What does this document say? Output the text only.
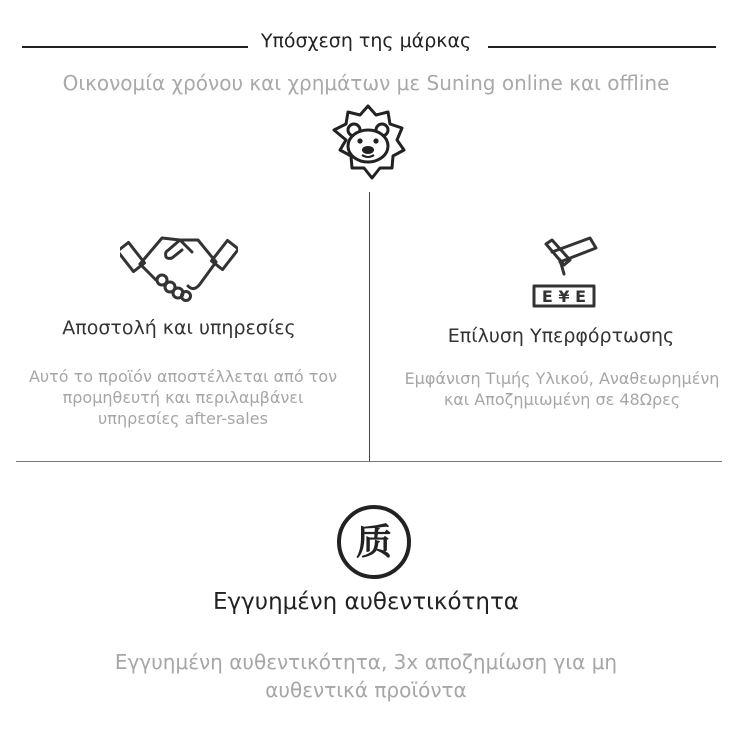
Υπόσχεση της μάρκας
Οικονομία χρόνου και χρημάτων με Suning online και offline
Αποστολή και υπηρεσίες
Αυτό το προϊόν αποστέλλεται από τον προμηθευτή και περιλαμβάνει υπηρεσίες after-sales
E ¥ E
Επίλυση Υπερφόρτωσης
Εμφάνιση Τιμής Υλικού, Αναθεωρημένη και Αποζημιωμένη σε 48Ωρες
质
Εγγυημένη αυθεντικότητα
Εγγυημένη αυθεντικότητα, 3x αποζημίωση για μη αυθεντικά προϊόντα
